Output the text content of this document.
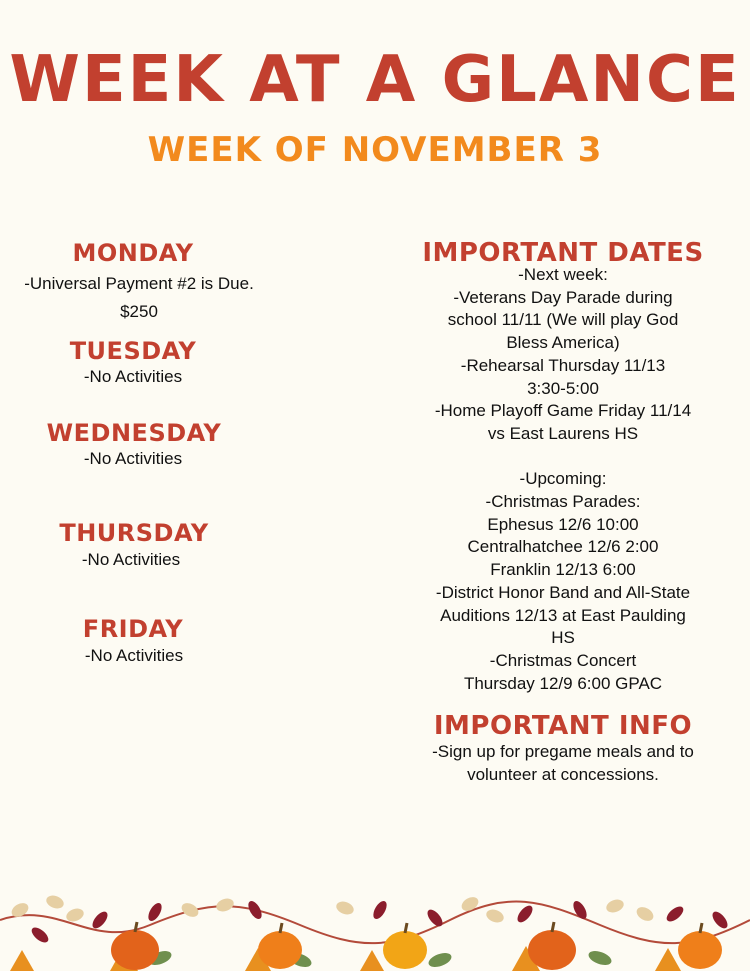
WEEK AT A GLANCE
WEEK OF NOVEMBER 3
MONDAY
-Universal Payment #2 is Due.
$250
TUESDAY
-No Activities
WEDNESDAY
-No Activities
THURSDAY
-No Activities
FRIDAY
-No Activities
IMPORTANT DATES
-Next week:
-Veterans Day Parade during
school 11/11 (We will play God
Bless America)
-Rehearsal Thursday 11/13
3:30-5:00
-Home Playoff Game Friday 11/14
vs East Laurens HS
-Upcoming:
-Christmas Parades:
Ephesus 12/6 10:00
Centralhatchee 12/6 2:00
Franklin 12/13 6:00
-District Honor Band and All-State
Auditions 12/13 at East Paulding
HS
-Christmas Concert
Thursday 12/9 6:00 GPAC
IMPORTANT INFO
-Sign up for pregame meals and to
volunteer at concessions.
